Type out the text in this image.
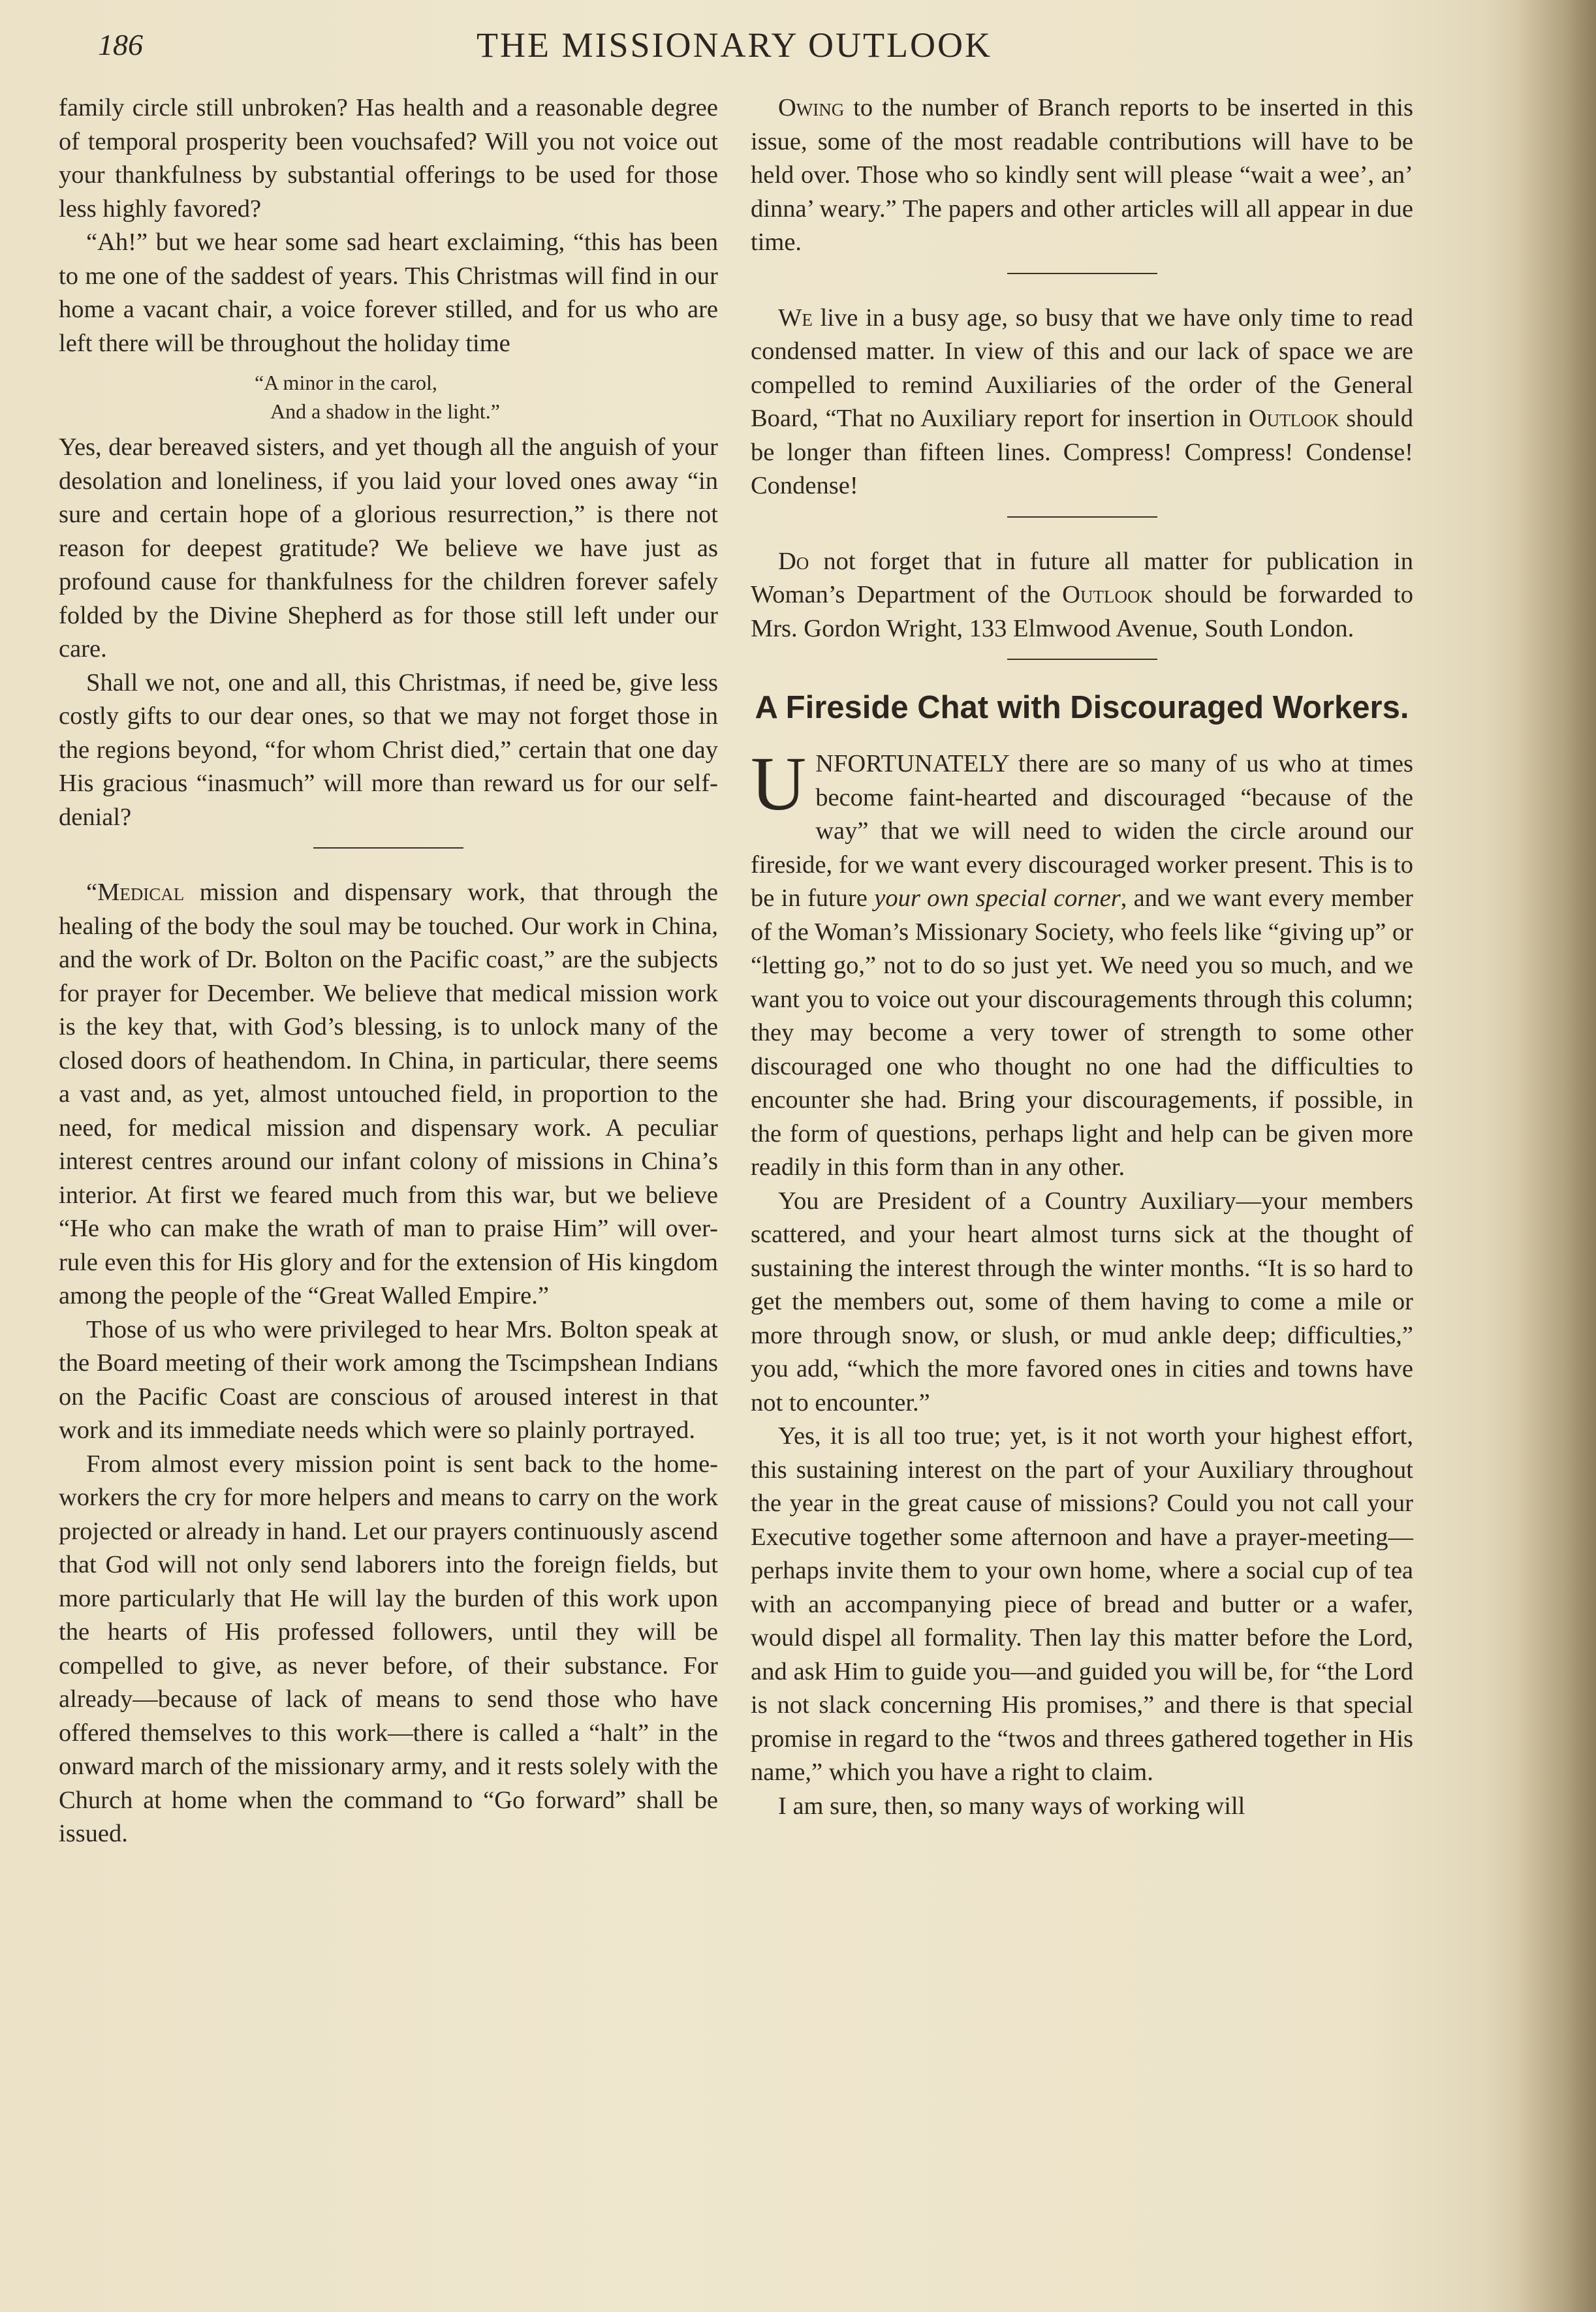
186	THE MISSIONARY OUTLOOK

family circle still unbroken? Has health and a reasonable degree of temporal prosperity been vouchsafed? Will you not voice out your thankfulness by substantial offerings to be used for those less highly favored?

“Ah!” but we hear some sad heart exclaiming, “this has been to me one of the saddest of years. This Christmas will find in our home a vacant chair, a voice forever stilled, and for us who are left there will be throughout the holiday time

“A minor in the carol,
And a shadow in the light.”

Yes, dear bereaved sisters, and yet though all the anguish of your desolation and loneliness, if you laid your loved ones away “in sure and certain hope of a glorious resurrection,” is there not reason for deepest gratitude? We believe we have just as profound cause for thankfulness for the children forever safely folded by the Divine Shepherd as for those still left under our care.

Shall we not, one and all, this Christmas, if need be, give less costly gifts to our dear ones, so that we may not forget those in the regions beyond, “for whom Christ died,” certain that one day His gracious “inasmuch” will more than reward us for our self-denial?

“Medical mission and dispensary work, that through the healing of the body the soul may be touched. Our work in China, and the work of Dr. Bolton on the Pacific coast,” are the subjects for prayer for December. We believe that medical mission work is the key that, with God’s blessing, is to unlock many of the closed doors of heathendom. In China, in particular, there seems a vast and, as yet, almost untouched field, in proportion to the need, for medical mission and dispensary work. A peculiar interest centres around our infant colony of missions in China’s interior. At first we feared much from this war, but we believe “He who can make the wrath of man to praise Him” will over-rule even this for His glory and for the extension of His kingdom among the people of the “Great Walled Empire.”

Those of us who were privileged to hear Mrs. Bolton speak at the Board meeting of their work among the Tscimpshean Indians on the Pacific Coast are conscious of aroused interest in that work and its immediate needs which were so plainly portrayed.

From almost every mission point is sent back to the home-workers the cry for more helpers and means to carry on the work projected or already in hand. Let our prayers continuously ascend that God will not only send laborers into the foreign fields, but more particularly that He will lay the burden of this work upon the hearts of His professed followers, until they will be compelled to give, as never before, of their substance. For already—because of lack of means to send those who have offered themselves to this work—there is called a “halt” in the onward march of the missionary army, and it rests solely with the Church at home when the command to “Go forward” shall be issued.

Owing to the number of Branch reports to be inserted in this issue, some of the most readable contributions will have to be held over. Those who so kindly sent will please “wait a wee’, an’ dinna’ weary.” The papers and other articles will all appear in due time.

We live in a busy age, so busy that we have only time to read condensed matter. In view of this and our lack of space we are compelled to remind Auxiliaries of the order of the General Board, “That no Auxiliary report for insertion in Outlook should be longer than fifteen lines. Compress! Compress! Condense! Condense!

Do not forget that in future all matter for publication in Woman’s Department of the Outlook should be forwarded to Mrs. Gordon Wright, 133 Elmwood Avenue, South London.

A Fireside Chat with Discouraged Workers.

UNFORTUNATELY there are so many of us who at times become faint-hearted and discouraged “because of the way” that we will need to widen the circle around our fireside, for we want every discouraged worker present. This is to be in future your own special corner, and we want every member of the Woman’s Missionary Society, who feels like “giving up” or “letting go,” not to do so just yet. We need you so much, and we want you to voice out your discouragements through this column; they may become a very tower of strength to some other discouraged one who thought no one had the difficulties to encounter she had. Bring your discouragements, if possible, in the form of questions, perhaps light and help can be given more readily in this form than in any other.

You are President of a Country Auxiliary—your members scattered, and your heart almost turns sick at the thought of sustaining the interest through the winter months. “It is so hard to get the members out, some of them having to come a mile or more through snow, or slush, or mud ankle deep; difficulties,” you add, “which the more favored ones in cities and towns have not to encounter.”

Yes, it is all too true; yet, is it not worth your highest effort, this sustaining interest on the part of your Auxiliary throughout the year in the great cause of missions? Could you not call your Executive together some afternoon and have a prayer-meeting—perhaps invite them to your own home, where a social cup of tea with an accompanying piece of bread and butter or a wafer, would dispel all formality. Then lay this matter before the Lord, and ask Him to guide you—and guided you will be, for “the Lord is not slack concerning His promises,” and there is that special promise in regard to the “twos and threes gathered together in His name,” which you have a right to claim.

I am sure, then, so many ways of working will
